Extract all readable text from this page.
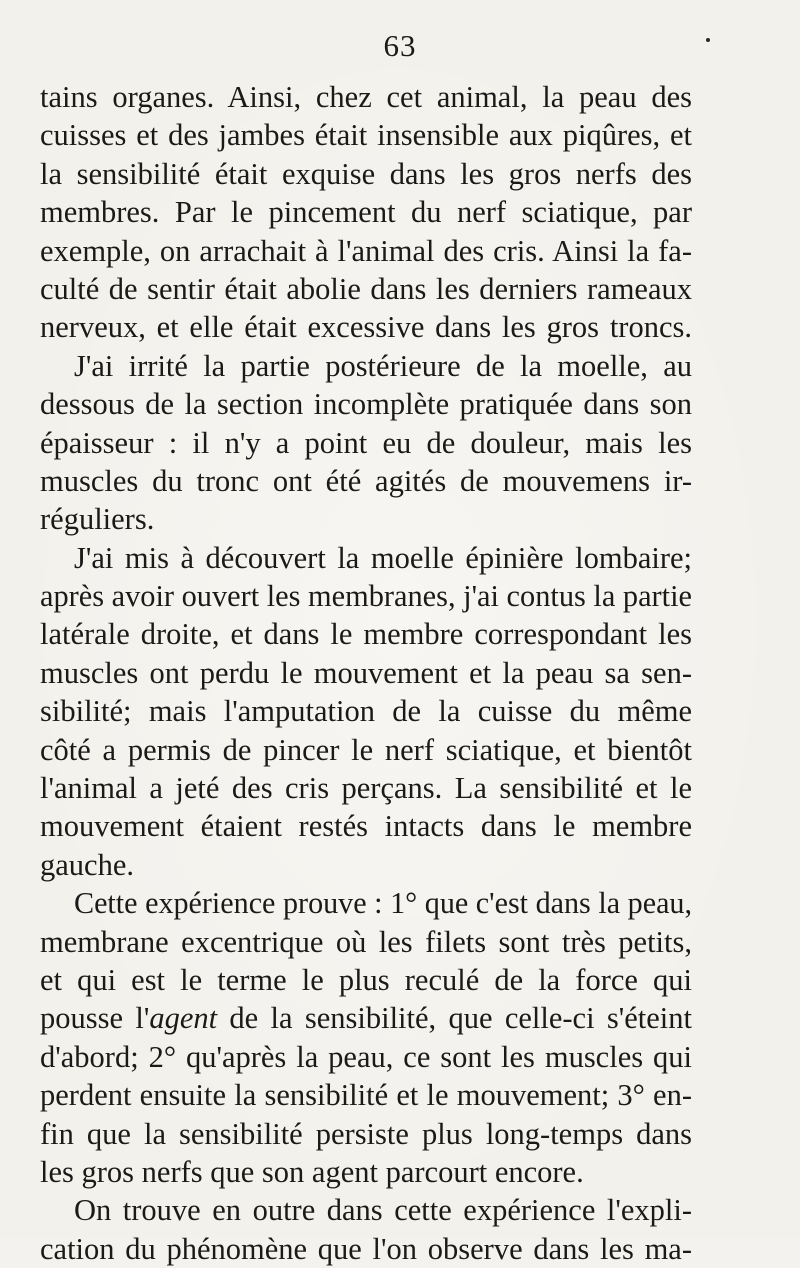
63
tains organes. Ainsi, chez cet animal, la peau des
cuisses et des jambes était insensible aux piqûres, et
la sensibilité était exquise dans les gros nerfs des
membres. Par le pincement du nerf sciatique, par
exemple, on arrachait à l'animal des cris. Ainsi la fa-
culté de sentir était abolie dans les derniers rameaux
nerveux, et elle était excessive dans les gros troncs.
J'ai irrité la partie postérieure de la moelle, au
dessous de la section incomplète pratiquée dans son
épaisseur : il n'y a point eu de douleur, mais les
muscles du tronc ont été agités de mouvemens ir-
réguliers.
J'ai mis à découvert la moelle épinière lombaire;
après avoir ouvert les membranes, j'ai contus la partie
latérale droite, et dans le membre correspondant les
muscles ont perdu le mouvement et la peau sa sen-
sibilité; mais l'amputation de la cuisse du même
côté a permis de pincer le nerf sciatique, et bientôt
l'animal a jeté des cris perçans. La sensibilité et le
mouvement étaient restés intacts dans le membre
gauche.
Cette expérience prouve : 1° que c'est dans la peau,
membrane excentrique où les filets sont très petits,
et qui est le terme le plus reculé de la force qui
pousse l'agent de la sensibilité, que celle-ci s'éteint
d'abord; 2° qu'après la peau, ce sont les muscles qui
perdent ensuite la sensibilité et le mouvement; 3° en-
fin que la sensibilité persiste plus long-temps dans
les gros nerfs que son agent parcourt encore.
On trouve en outre dans cette expérience l'expli-
cation du phénomène que l'on observe dans les ma-
